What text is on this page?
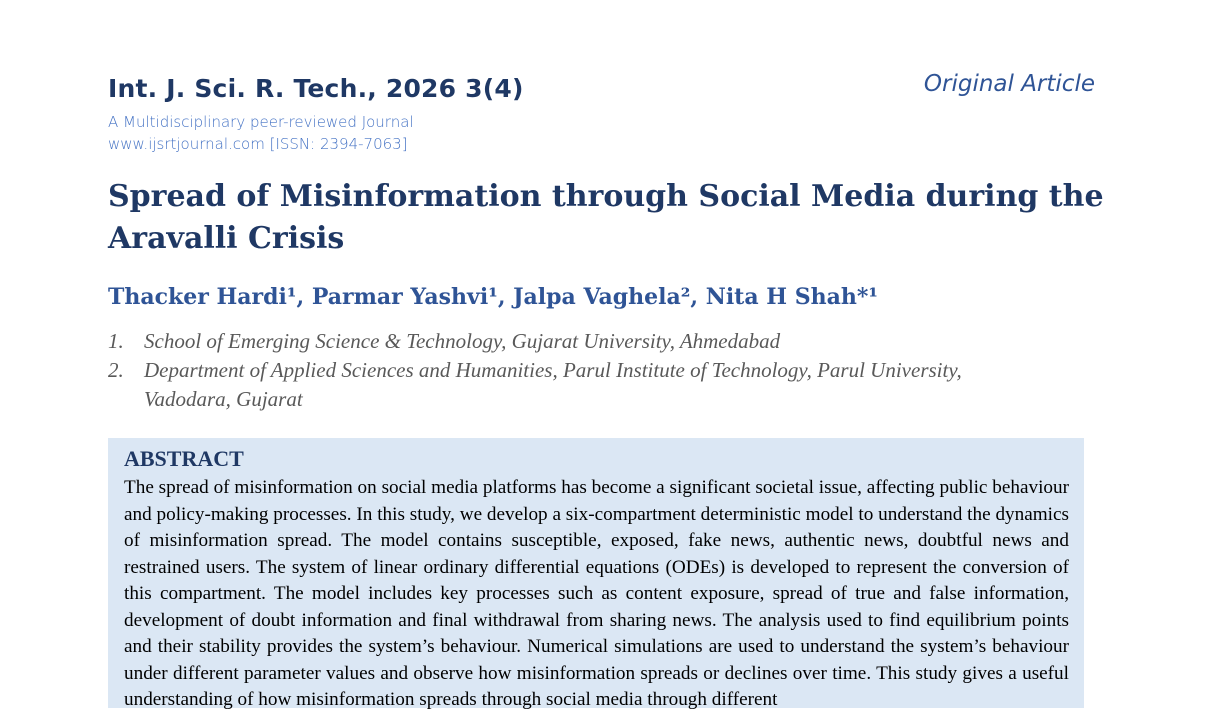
Int. J. Sci. R. Tech., 2026 3(4)	Original Article
A Multidisciplinary peer-reviewed Journal
www.ijsrtjournal.com [ISSN: 2394-7063]
Spread of Misinformation through Social Media during the Aravalli Crisis
Thacker Hardi¹, Parmar Yashvi¹, Jalpa Vaghela², Nita H Shah*¹
1. School of Emerging Science & Technology, Gujarat University, Ahmedabad
2. Department of Applied Sciences and Humanities, Parul Institute of Technology, Parul University, Vadodara, Gujarat
ABSTRACT

The spread of misinformation on social media platforms has become a significant societal issue, affecting public behaviour and policy-making processes. In this study, we develop a six-compartment deterministic model to understand the dynamics of misinformation spread. The model contains susceptible, exposed, fake news, authentic news, doubtful news and restrained users. The system of linear ordinary differential equations (ODEs) is developed to represent the conversion of this compartment. The model includes key processes such as content exposure, spread of true and false information, development of doubt information and final withdrawal from sharing news. The analysis used to find equilibrium points and their stability provides the system’s behaviour. Numerical simulations are used to understand the system’s behaviour under different parameter values and observe how misinformation spreads or declines over time. This study gives a useful understanding of how misinformation spreads through social media through different
